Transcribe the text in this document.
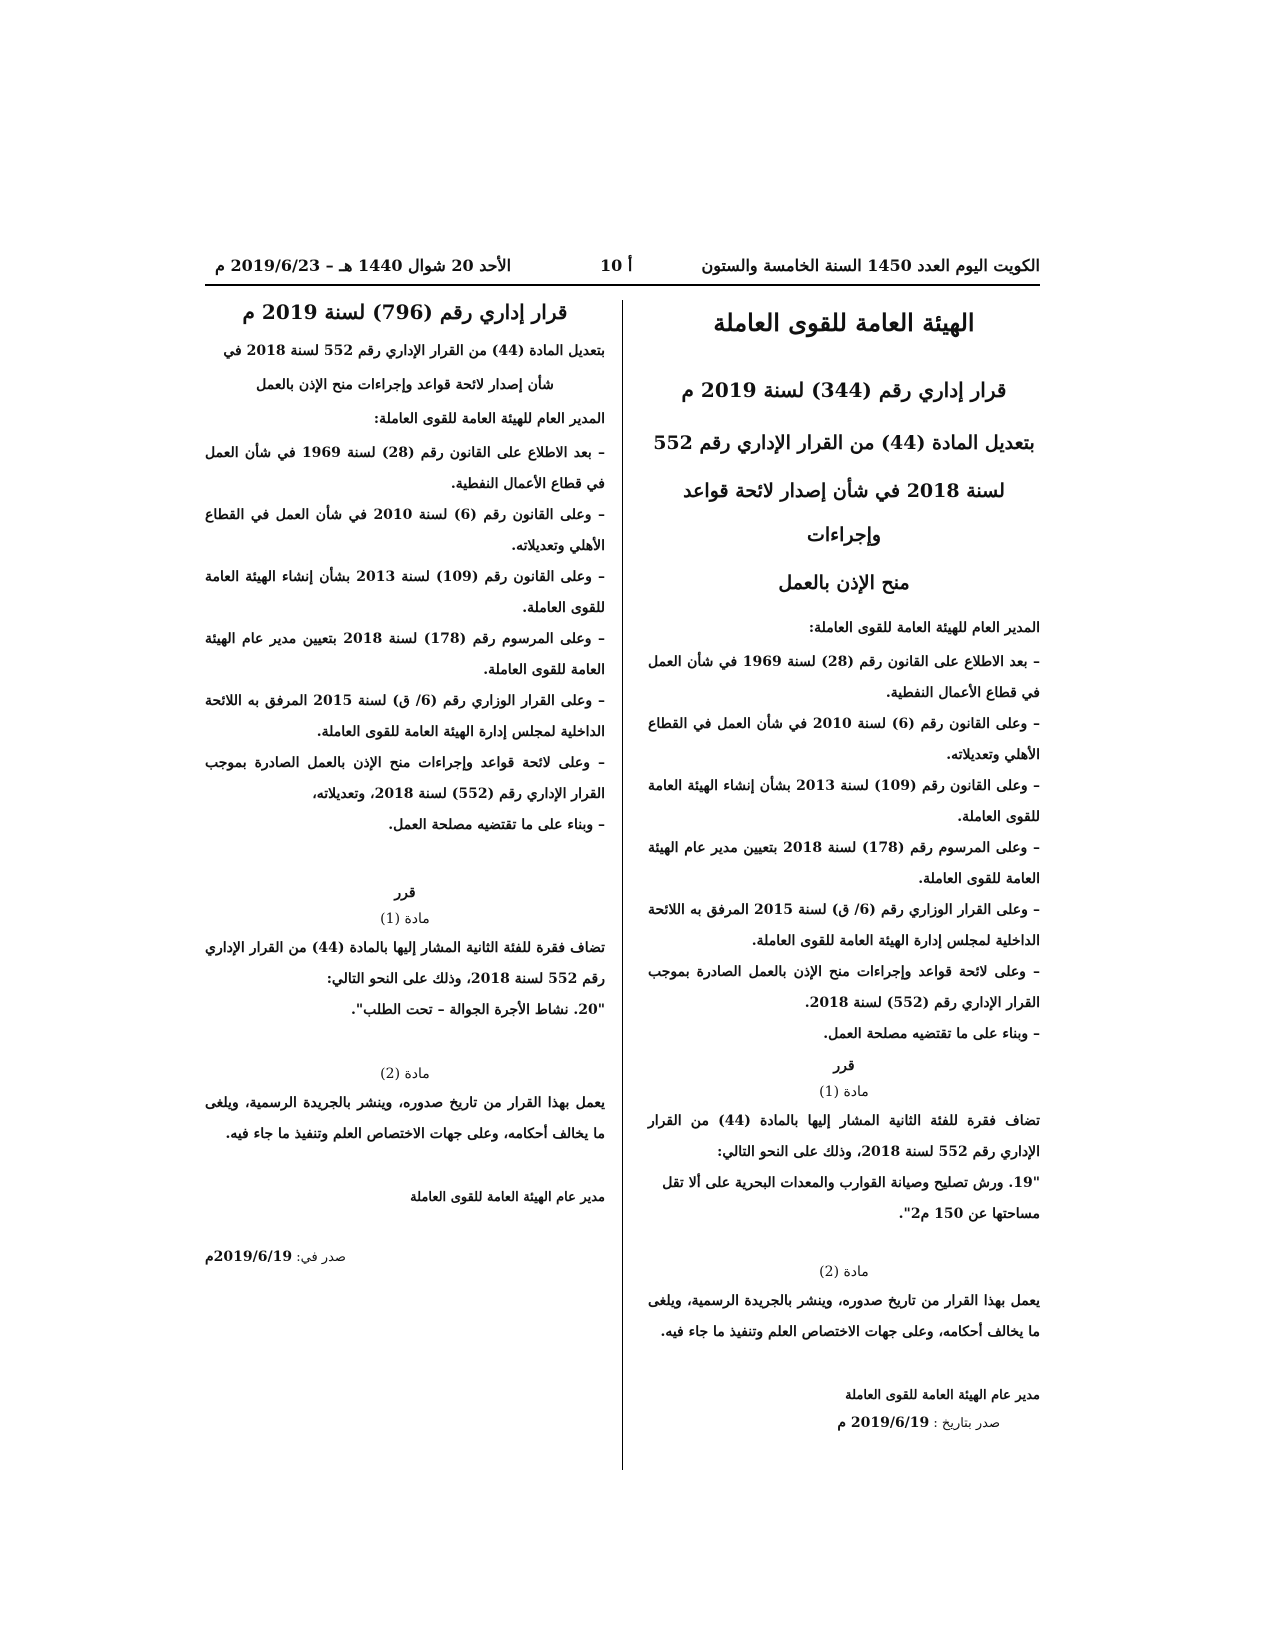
الكويت اليوم العدد 1450 السنة الخامسة والستون
أ 10
الأحد 20 شوال 1440 هـ – 2019/6/23 م

الهيئة العامة للقوى العاملة

قرار إداري رقم (344) لسنة 2019 م

بتعديل المادة (44) من القرار الإداري رقم 552

لسنة 2018 في شأن إصدار لائحة قواعد وإجراءات

منح الإذن بالعمل

المدير العام للهيئة العامة للقوى العاملة:

– بعد الاطلاع على القانون رقم (28) لسنة 1969 في شأن العمل في قطاع الأعمال النفطية.

– وعلى القانون رقم (6) لسنة 2010 في شأن العمل في القطاع الأهلي وتعديلاته.

– وعلى القانون رقم (109) لسنة 2013 بشأن إنشاء الهيئة العامة للقوى العاملة.

– وعلى المرسوم رقم (178) لسنة 2018 بتعيين مدير عام الهيئة العامة للقوى العاملة.

– وعلى القرار الوزاري رقم (6/ ق) لسنة 2015 المرفق به اللائحة الداخلية لمجلس إدارة الهيئة العامة للقوى العاملة.

– وعلى لائحة قواعد وإجراءات منح الإذن بالعمل الصادرة بموجب القرار الإداري رقم (552) لسنة 2018.

– وبناء على ما تقتضيه مصلحة العمل.

قرر

مادة (1)

تضاف فقرة للفئة الثانية المشار إليها بالمادة (44) من القرار الإداري رقم 552 لسنة 2018، وذلك على النحو التالي:

"19. ورش تصليح وصيانة القوارب والمعدات البحرية على ألا تقل مساحتها عن 150 م2".

مادة (2)

يعمل بهذا القرار من تاريخ صدوره، وينشر بالجريدة الرسمية، ويلغى ما يخالف أحكامه، وعلى جهات الاختصاص العلم وتنفيذ ما جاء فيه.

مدير عام الهيئة العامة للقوى العاملة

صدر بتاريخ : 2019/6/19 م

قرار إداري رقم (796) لسنة 2019 م

بتعديل المادة (44) من القرار الإداري رقم 552 لسنة 2018 في

شأن إصدار لائحة قواعد وإجراءات منح الإذن بالعمل

المدير العام للهيئة العامة للقوى العاملة:

– بعد الاطلاع على القانون رقم (28) لسنة 1969 في شأن العمل في قطاع الأعمال النفطية.

– وعلى القانون رقم (6) لسنة 2010 في شأن العمل في القطاع الأهلي وتعديلاته.

– وعلى القانون رقم (109) لسنة 2013 بشأن إنشاء الهيئة العامة للقوى العاملة.

– وعلى المرسوم رقم (178) لسنة 2018 بتعيين مدير عام الهيئة العامة للقوى العاملة.

– وعلى القرار الوزاري رقم (6/ ق) لسنة 2015 المرفق به اللائحة الداخلية لمجلس إدارة الهيئة العامة للقوى العاملة.

– وعلى لائحة قواعد وإجراءات منح الإذن بالعمل الصادرة بموجب القرار الإداري رقم (552) لسنة 2018، وتعديلاته،

– وبناء على ما تقتضيه مصلحة العمل.

قرر

مادة (1)

تضاف فقرة للفئة الثانية المشار إليها بالمادة (44) من القرار الإداري رقم 552 لسنة 2018، وذلك على النحو التالي:

"20. نشاط الأجرة الجوالة – تحت الطلب".

مادة (2)

يعمل بهذا القرار من تاريخ صدوره، وينشر بالجريدة الرسمية، ويلغى ما يخالف أحكامه، وعلى جهات الاختصاص العلم وتنفيذ ما جاء فيه.

مدير عام الهيئة العامة للقوى العاملة

صدر في: 2019/6/19م
